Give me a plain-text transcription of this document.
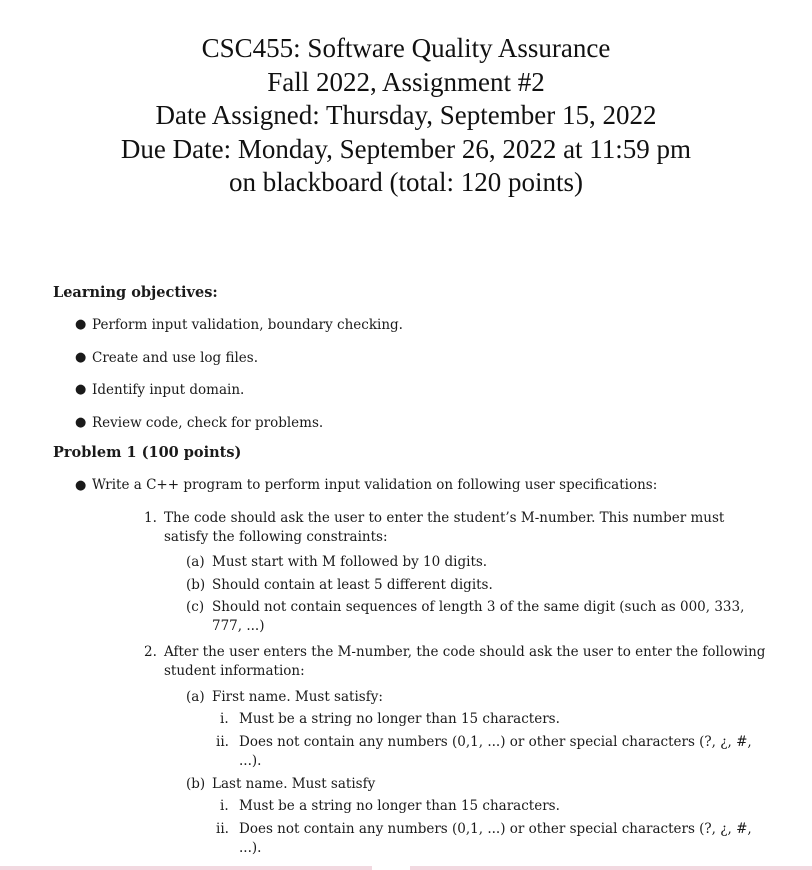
CSC455: Software Quality Assurance
Fall 2022, Assignment #2
Date Assigned: Thursday, September 15, 2022
Due Date: Monday, September 26, 2022 at 11:59 pm
on blackboard (total: 120 points)
Learning objectives:
● Perform input validation, boundary checking.
● Create and use log files.
● Identify input domain.
● Review code, check for problems.
Problem 1 (100 points)
● Write a C++ program to perform input validation on following user specifications:
1. The code should ask the user to enter the student’s M-number. This number must
satisfy the following constraints:
(a) Must start with M followed by 10 digits.
(b) Should contain at least 5 different digits.
(c) Should not contain sequences of length 3 of the same digit (such as 000, 333,
777, ...)
2. After the user enters the M-number, the code should ask the user to enter the following
student information:
(a) First name. Must satisfy:
i. Must be a string no longer than 15 characters.
ii. Does not contain any numbers (0,1, ...) or other special characters (?, ¿, #,
...).
(b) Last name. Must satisfy
i. Must be a string no longer than 15 characters.
ii. Does not contain any numbers (0,1, ...) or other special characters (?, ¿, #,
...).
